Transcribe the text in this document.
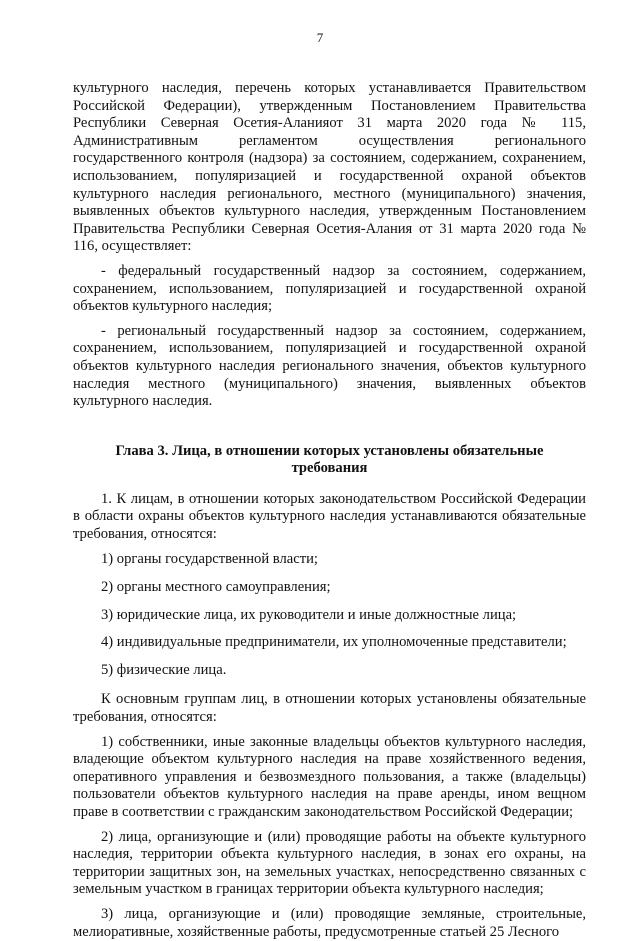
7

культурного наследия, перечень которых устанавливается Правительством Российской Федерации), утвержденным Постановлением Правительства Республики Северная Осетия-Аланияот 31 марта 2020 года № 115, Административным регламентом осуществления регионального государственного контроля (надзора) за состоянием, содержанием, сохранением, использованием, популяризацией и государственной охраной объектов культурного наследия регионального, местного (муниципального) значения, выявленных объектов культурного наследия, утвержденным Постановлением Правительства Республики Северная Осетия-Алания от 31 марта 2020 года № 116, осуществляет:

- федеральный государственный надзор за состоянием, содержанием, сохранением, использованием, популяризацией и государственной охраной объектов культурного наследия;

- региональный государственный надзор за состоянием, содержанием, сохранением, использованием, популяризацией и государственной охраной объектов культурного наследия регионального значения, объектов культурного наследия местного (муниципального) значения, выявленных объектов культурного наследия.

Глава 3. Лица, в отношении которых установлены обязательные требования

1. К лицам, в отношении которых законодательством Российской Федерации в области охраны объектов культурного наследия устанавливаются обязательные требования, относятся:

1) органы государственной власти;

2) органы местного самоуправления;

3) юридические лица, их руководители и иные должностные лица;

4) индивидуальные предприниматели, их уполномоченные представители;

5) физические лица.

К основным группам лиц, в отношении которых установлены обязательные требования, относятся:

1) собственники, иные законные владельцы объектов культурного наследия, владеющие объектом культурного наследия на праве хозяйственного ведения, оперативного управления и безвозмездного пользования, а также (владельцы) пользователи объектов культурного наследия на праве аренды, ином вещном праве в соответствии с гражданским законодательством Российской Федерации;

2) лица, организующие и (или) проводящие работы на объекте культурного наследия, территории объекта культурного наследия, в зонах его охраны, на территории защитных зон, на земельных участках, непосредственно связанных с земельным участком в границах территории объекта культурного наследия;

3) лица, организующие и (или) проводящие земляные, строительные, мелиоративные, хозяйственные работы, предусмотренные статьей 25 Лесного
